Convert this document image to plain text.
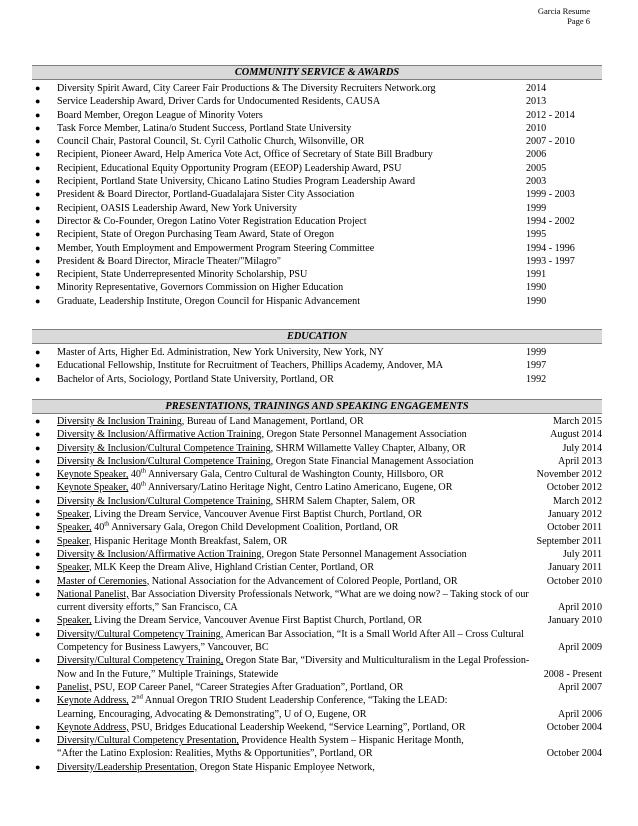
Garcia Resume
Page 6
COMMUNITY SERVICE & AWARDS
● Diversity Spirit Award, City Career Fair Productions & The Diversity Recruiters Network.org	2014
● Service Leadership Award, Driver Cards for Undocumented Residents, CAUSA	2013
● Board Member, Oregon League of Minority Voters	2012 - 2014
● Task Force Member, Latina/o Student Success, Portland State University	2010
● Council Chair, Pastoral Council, St. Cyril Catholic Church, Wilsonville, OR	2007 - 2010
● Recipient, Pioneer Award, Help America Vote Act, Office of Secretary of State Bill Bradbury	2006
● Recipient, Educational Equity Opportunity Program (EEOP) Leadership Award, PSU	2005
● Recipient, Portland State University, Chicano Latino Studies Program Leadership Award	2003
● President & Board Director, Portland-Guadalajara Sister City Association	1999 - 2003
● Recipient, OASIS Leadership Award, New York University	1999
● Director & Co-Founder, Oregon Latino Voter Registration Education Project	1994 - 2002
● Recipient, State of Oregon Purchasing Team Award, State of Oregon	1995
● Member, Youth Employment and Empowerment Program Steering Committee	1994 - 1996
● President & Board Director, Miracle Theater/"Milagro"	1993 - 1997
● Recipient, State Underrepresented Minority Scholarship, PSU	1991
● Minority Representative, Governors Commission on Higher Education	1990
● Graduate, Leadership Institute, Oregon Council for Hispanic Advancement	1990
EDUCATION
● Master of Arts, Higher Ed. Administration, New York University, New York, NY	1999
● Educational Fellowship, Institute for Recruitment of Teachers, Phillips Academy, Andover, MA	1997
● Bachelor of Arts, Sociology, Portland State University, Portland, OR	1992
PRESENTATIONS, TRAININGS AND SPEAKING ENGAGEMENTS
● Diversity & Inclusion Training, Bureau of Land Management, Portland, OR	March 2015
● Diversity & Inclusion/Affirmative Action Training, Oregon State Personnel Management Association	August 2014
● Diversity & Inclusion/Cultural Competence Training, SHRM Willamette Valley Chapter, Albany, OR	July 2014
● Diversity & Inclusion/Cultural Competence Training, Oregon State Financial Management Association	April 2013
● Keynote Speaker, 40th Anniversary Gala, Centro Cultural de Washington County, Hillsboro, OR	November 2012
● Keynote Speaker, 40th Anniversary/Latino Heritage Night, Centro Latino Americano, Eugene, OR	October 2012
● Diversity & Inclusion/Cultural Competence Training, SHRM Salem Chapter, Salem, OR	March 2012
● Speaker, Living the Dream Service, Vancouver Avenue First Baptist Church, Portland, OR	January 2012
● Speaker, 40th Anniversary Gala, Oregon Child Development Coalition, Portland, OR	October 2011
● Speaker, Hispanic Heritage Month Breakfast, Salem, OR	September 2011
● Diversity & Inclusion/Affirmative Action Training, Oregon State Personnel Management Association	July 2011
● Speaker, MLK Keep the Dream Alive, Highland Cristian Center, Portland, OR	January 2011
● Master of Ceremonies, National Association for the Advancement of Colored People, Portland, OR	October 2010
● National Panelist, Bar Association Diversity Professionals Network, “What are we doing now? – Taking stock of our
current diversity efforts,” San Francisco, CA	April 2010
● Speaker, Living the Dream Service, Vancouver Avenue First Baptist Church, Portland, OR	January 2010
● Diversity/Cultural Competency Training, American Bar Association, “It is a Small World After All – Cross Cultural
Competency for Business Lawyers,” Vancouver, BC	April 2009
● Diversity/Cultural Competency Training, Oregon State Bar, “Diversity and Multiculturalism in the Legal Profession-
Now and In the Future,” Multiple Trainings, Statewide	2008 - Present
● Panelist, PSU, EOP Career Panel, “Career Strategies After Graduation”, Portland, OR	April 2007
● Keynote Address, 2nd Annual Oregon TRIO Student Leadership Conference, “Taking the LEAD:
Learning, Encouraging, Advocating & Demonstrating”, U of O, Eugene, OR	April 2006
● Keynote Address, PSU, Bridges Educational Leadership Weekend, “Service Learning”, Portland, OR	October 2004
● Diversity/Cultural Competency Presentation, Providence Health System – Hispanic Heritage Month,
“After the Latino Explosion: Realities, Myths & Opportunities”, Portland, OR	October 2004
● Diversity/Leadership Presentation, Oregon State Hispanic Employee Network,
